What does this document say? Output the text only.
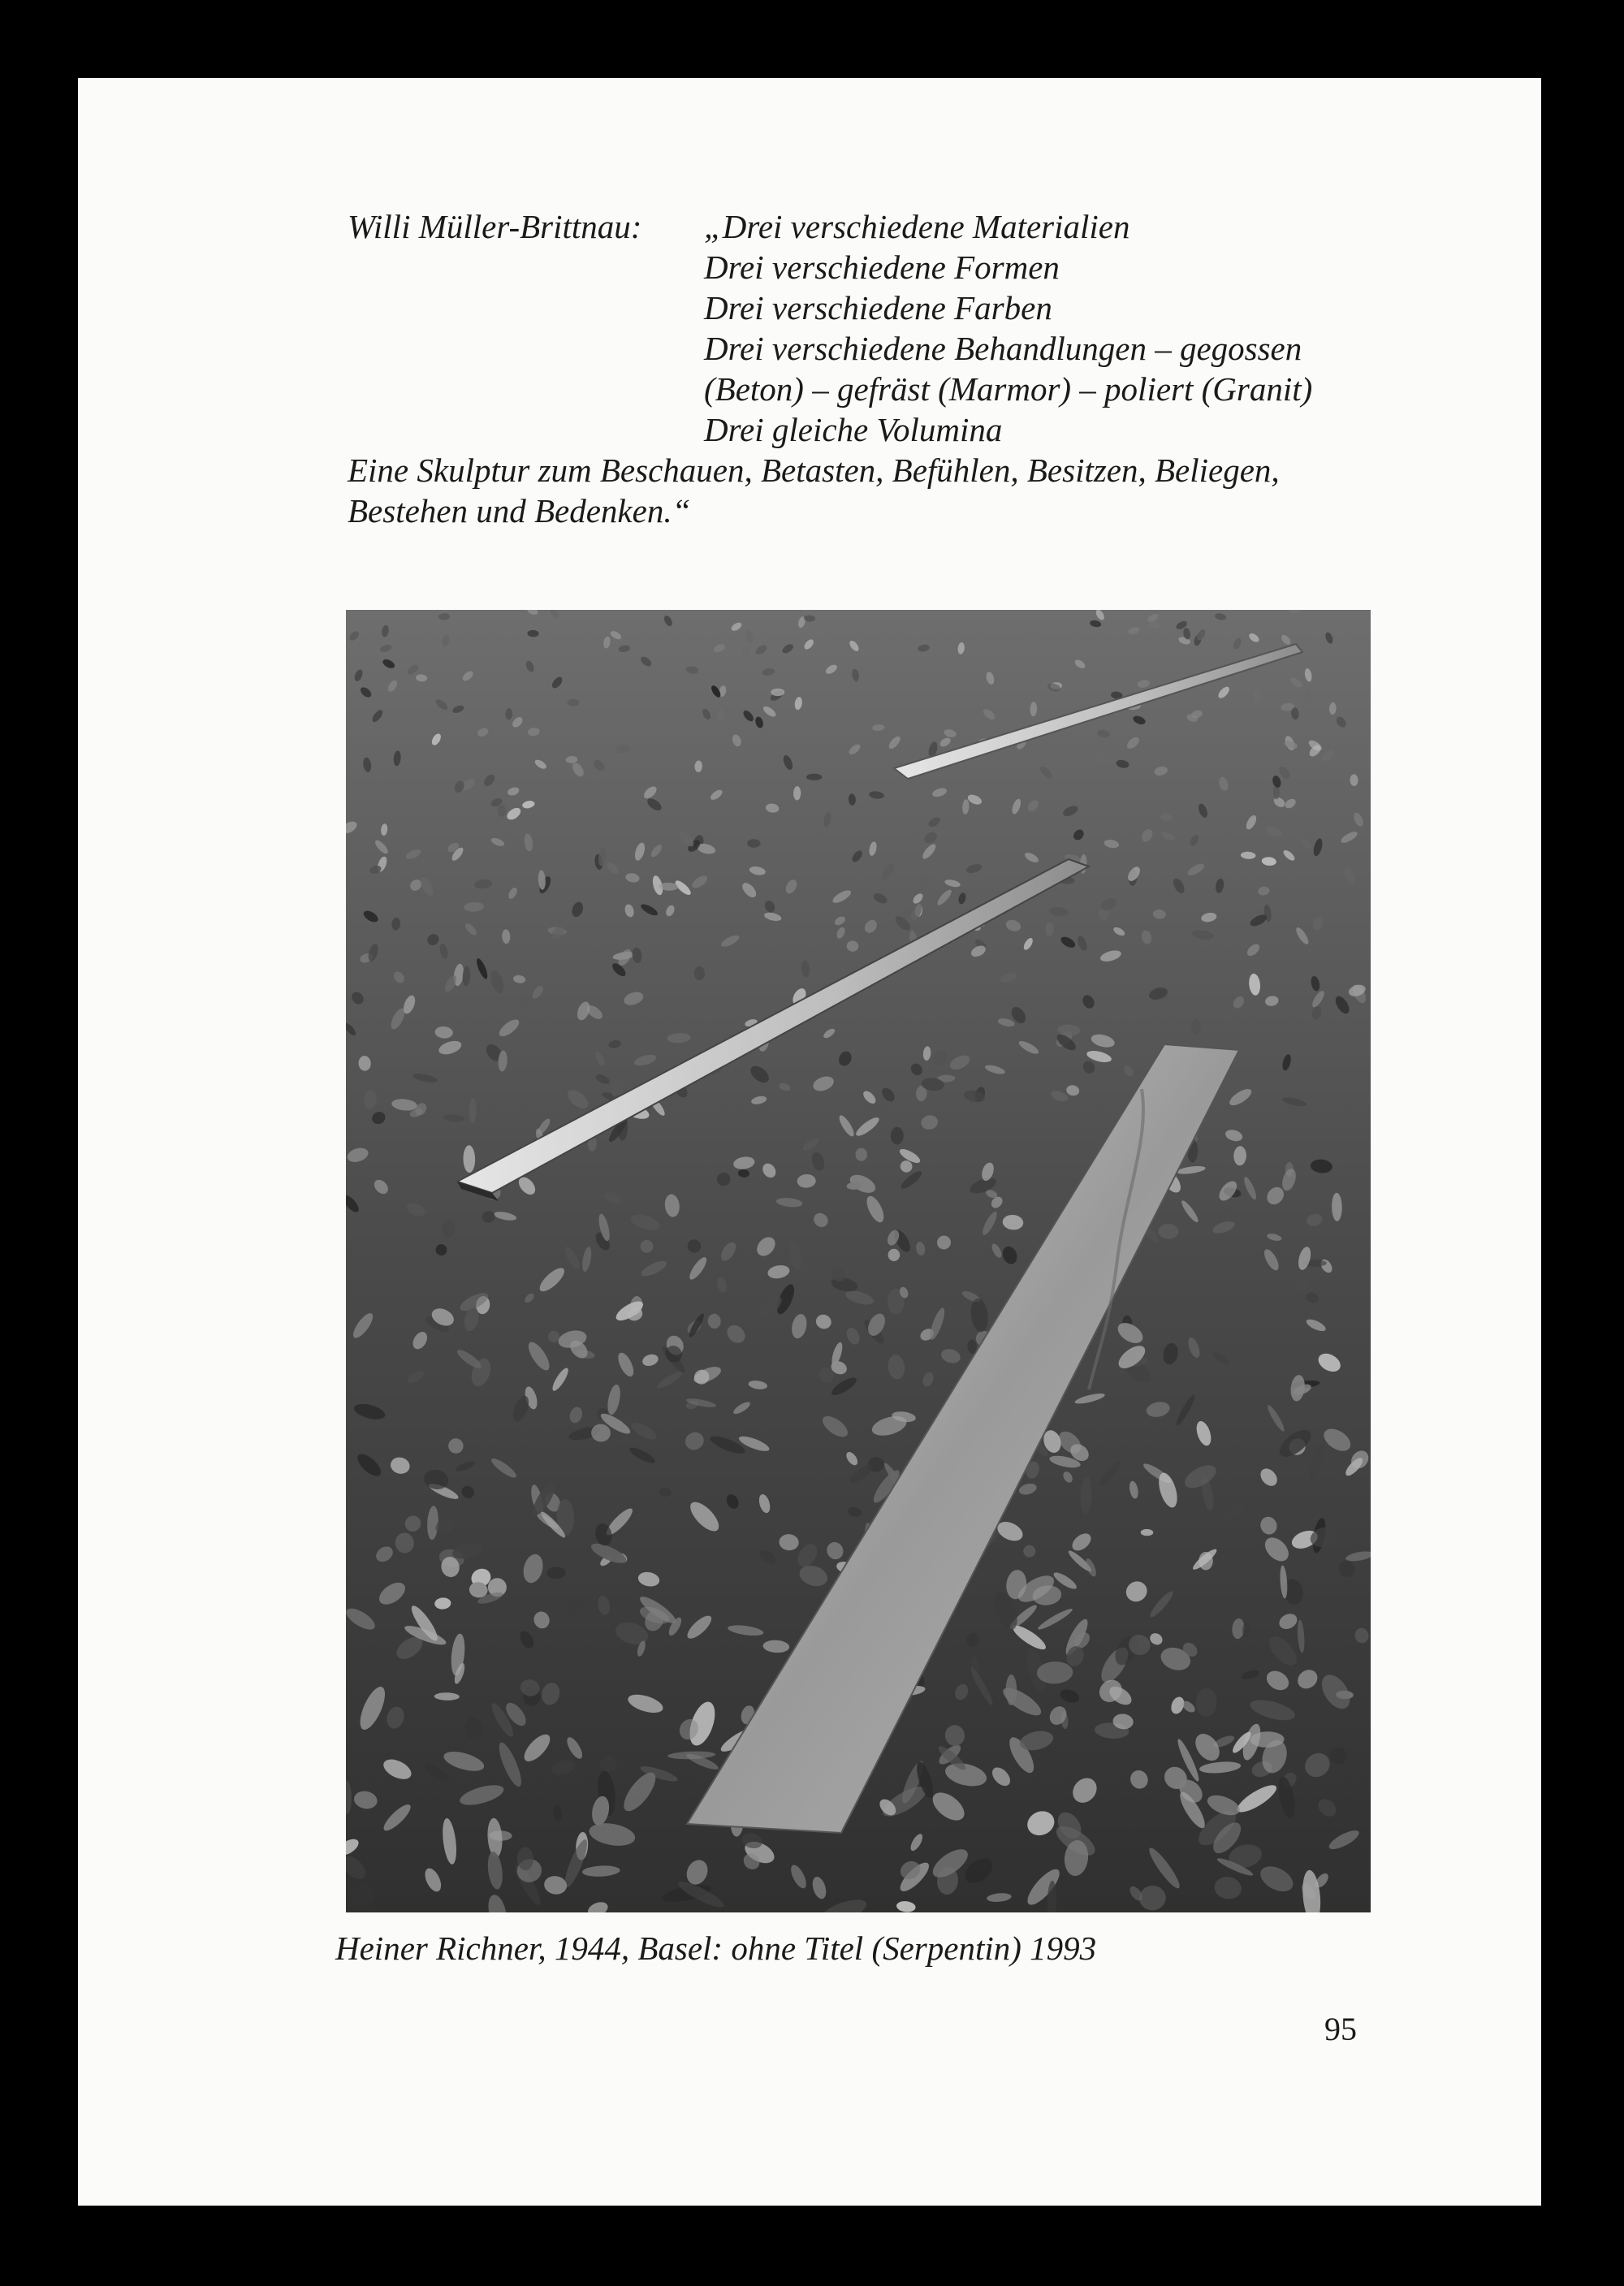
Willi Müller-Brittnau: „Drei verschiedene Materialien
Drei verschiedene Formen
Drei verschiedene Farben
Drei verschiedene Behandlungen – gegossen
(Beton) – gefräst (Marmor) – poliert (Granit)
Drei gleiche Volumina
Eine Skulptur zum Beschauen, Betasten, Befühlen, Besitzen, Beliegen,
Bestehen und Bedenken.“
Heiner Richner, 1944, Basel: ohne Titel (Serpentin) 1993
95
